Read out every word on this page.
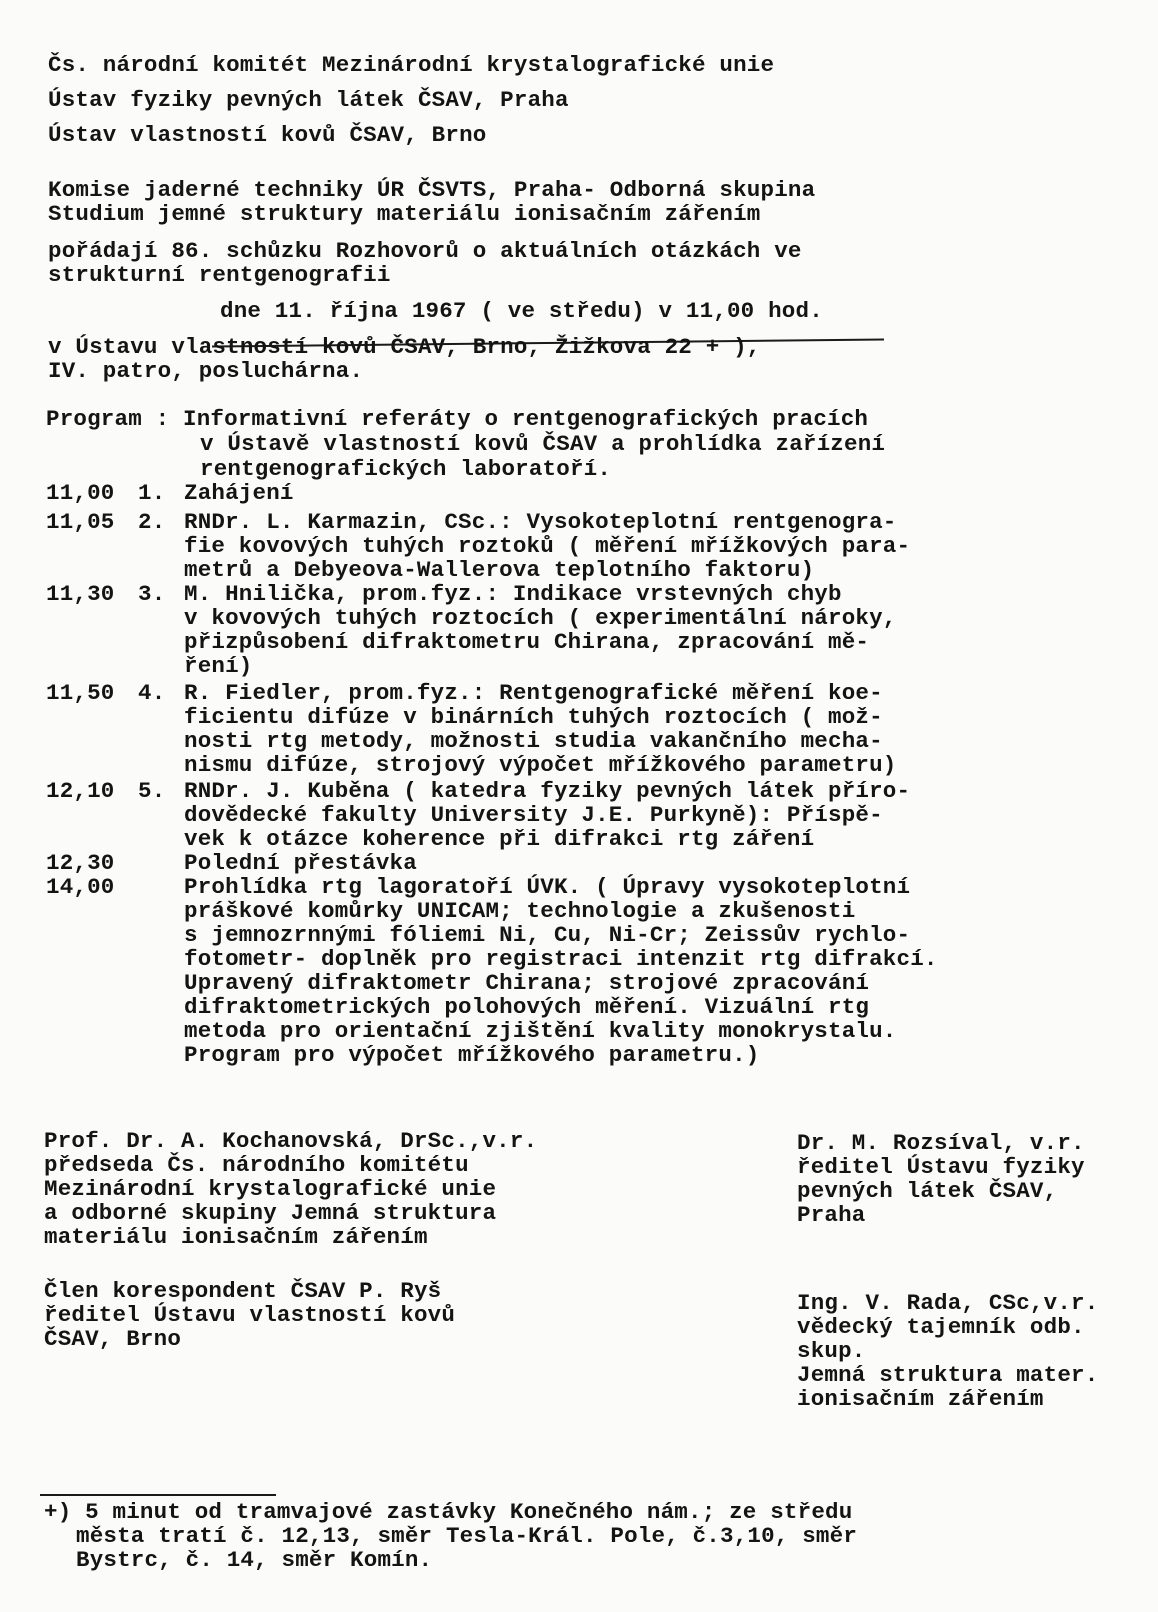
Čs. národní komitét Mezinárodní krystalografické unie

Ústav fyziky pevných látek ČSAV, Praha

Ústav vlastností kovů ČSAV, Brno

Komise jaderné techniky ÚR ČSVTS, Praha- Odborná skupina

Studium jemné struktury materiálu ionisačním zářením

pořádají 86. schůzku Rozhovorů o aktuálních otázkách ve

strukturní rentgenografii

dne 11. října 1967 ( ve středu) v 11,00 hod.

v Ústavu vlastností kovů ČSAV, Brno, Žižkova 22 + ),

IV. patro, posluchárna.

Program : Informativní referáty o rentgenografických pracích

v Ústavě vlastností kovů ČSAV a prohlídka zařízení

rentgenografických laboratoří.

11,00 1. Zahájení

11,05 2. RNDr. L. Karmazin, CSc.: Vysokoteplotní rentgenogra-

fie kovových tuhých roztoků ( měření mřížkových para-

metrů a Debyeova-Wallerova teplotního faktoru)

11,30 3. M. Hnilička, prom.fyz.: Indikace vrstevných chyb

v kovových tuhých roztocích ( experimentální nároky,

přizpůsobení difraktometru Chirana, zpracování mě-

ření)

11,50 4. R. Fiedler, prom.fyz.: Rentgenografické měření koe-

ficientu difúze v binárních tuhých roztocích ( mož-

nosti rtg metody, možnosti studia vakančního mecha-

nismu difúze, strojový výpočet mřížkového parametru)

12,10 5. RNDr. J. Kuběna ( katedra fyziky pevných látek přírо-

dovědecké fakulty University J.E. Purkyně): Příspě-

vek k otázce koherence při difrakci rtg záření

12,30	Polední přestávka

14,00	Prohlídka rtg lagoratoří ÚVK. ( Úpravy vysokoteplotní

práškové komůrky UNICAM; technologie a zkušenosti

s jemnozrnnými fóliemi Ni, Cu, Ni-Cr; Zeissův rychlo-

fotometr- doplněk pro registraci intenzit rtg difrakcí.

Upravený difraktometr Chirana; strojové zpracování

difraktometrických polohových měření. Vizuální rtg

metoda pro orientační zjištění kvality monokrystalu.

Program pro výpočet mřížkového parametru.)

Prof. Dr. A. Kochanovská, DrSc.,v.r.

předseda Čs. národního komitétu

Mezinárodní krystalografické unie

a odborné skupiny Jemná struktura

materiálu ionisačním zářením

Dr. M. Rozsíval, v.r.

ředitel Ústavu fyziky

pevných látek ČSAV,

Praha

Člen korespondent ČSAV P. Ryš

ředitel Ústavu vlastností kovů

ČSAV, Brno

Ing. V. Rada, CSc,v.r.

vědecký tajemník odb.

skup.

Jemná struktura mater.

ionisačním zářením

+) 5 minut od tramvajové zastávky Konečného nám.; ze středu

města tratí č. 12,13, směr Tesla-Král. Pole, č.3,10, směr

Bystrc, č. 14, směr Komín.
